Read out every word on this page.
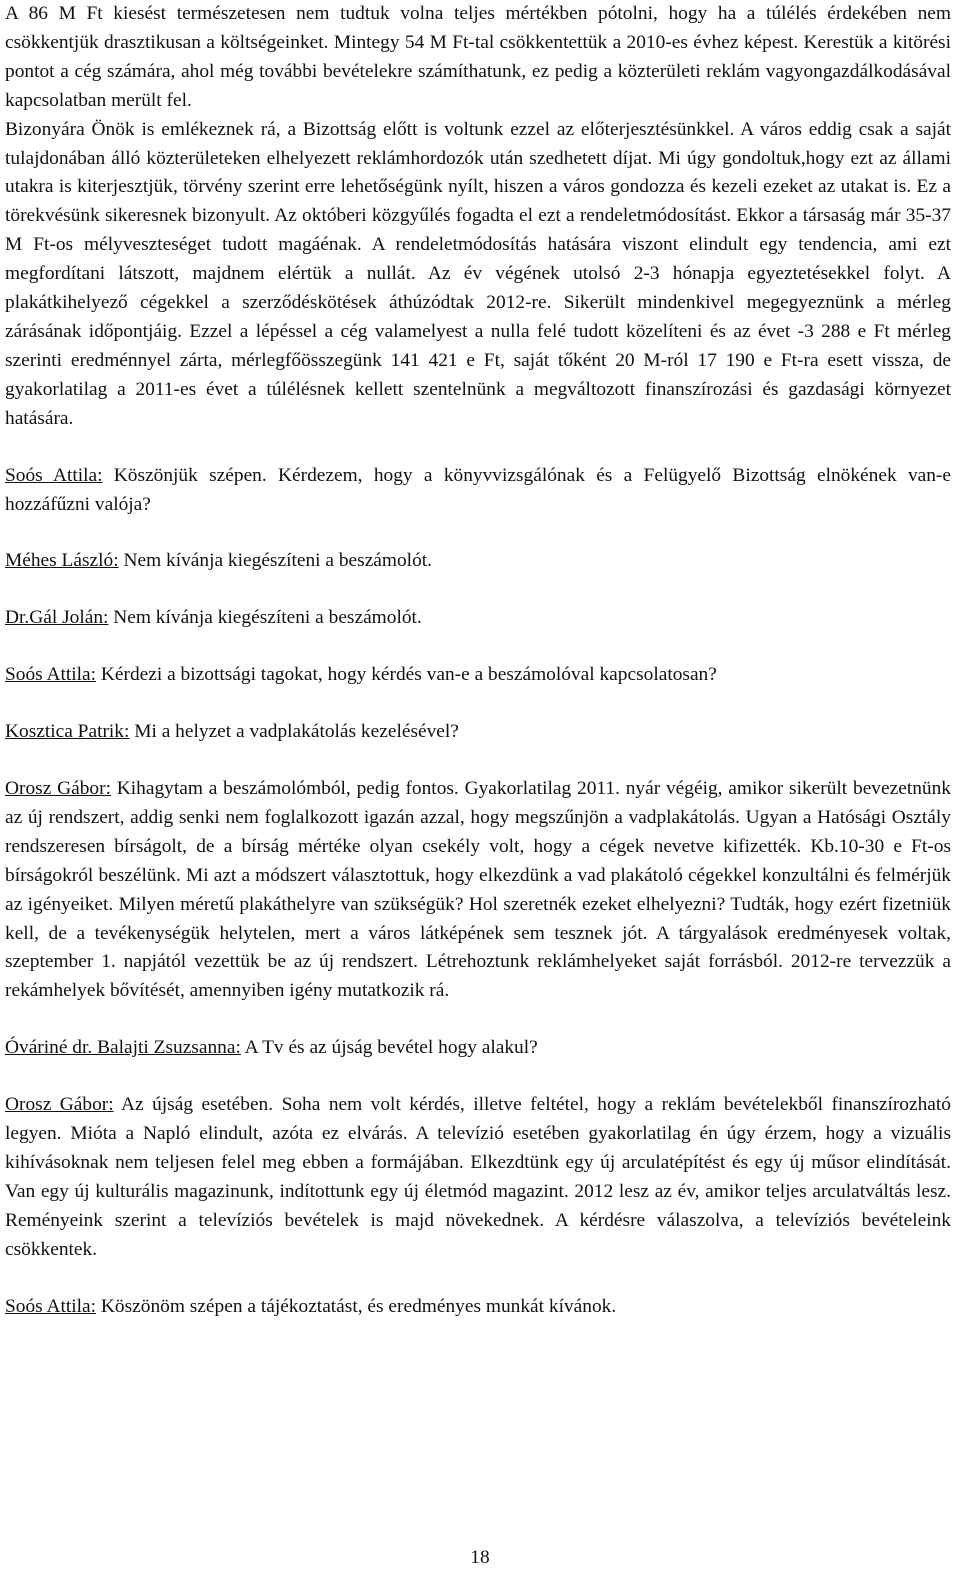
A 86 M Ft kiesést természetesen nem tudtuk volna teljes mértékben pótolni, hogy ha a túlélés érdekében nem csökkentjük drasztikusan a költségeinket. Mintegy 54 M Ft-tal csökkentettük a 2010-es évhez képest. Kerestük a kitörési pontot a cég számára, ahol még további bevételekre számíthatunk, ez pedig a közterületi reklám vagyongazdálkodásával kapcsolatban merült fel.

Bizonyára Önök is emlékeznek rá, a Bizottság előtt is voltunk ezzel az előterjesztésünkkel. A város eddig csak a saját tulajdonában álló közterületeken elhelyezett reklámhordozók után szedhetett díjat. Mi úgy gondoltuk,hogy ezt az állami utakra is kiterjesztjük, törvény szerint erre lehetőségünk nyílt, hiszen a város gondozza és kezeli ezeket az utakat is. Ez a törekvésünk sikeresnek bizonyult. Az októberi közgyűlés fogadta el ezt a rendeletmódosítást. Ekkor a társaság már 35-37 M Ft-os mélyveszteséget tudott magáénak. A rendeletmódosítás hatására viszont elindult egy tendencia, ami ezt megfordítani látszott, majdnem elértük a nullát. Az év végének utolsó 2-3 hónapja egyeztetésekkel folyt. A plakátkihelyező cégekkel a szerződéskötések áthúzódtak 2012-re. Sikerült mindenkivel megegyeznünk a mérleg zárásának időpontjáig. Ezzel a lépéssel a cég valamelyest a nulla felé tudott közelíteni és az évet -3 288 e Ft mérleg szerinti eredménnyel zárta, mérlegfőösszegünk 141 421 e Ft, saját tőként 20 M-ról 17 190 e Ft-ra esett vissza, de gyakorlatilag a 2011-es évet a túlélésnek kellett szentelnünk a megváltozott finanszírozási és gazdasági környezet hatására.

Soós Attila: Köszönjük szépen. Kérdezem, hogy a könyvvizsgálónak és a Felügyelő Bizottság elnökének van-e hozzáfűzni valója?

Méhes László: Nem kívánja kiegészíteni a beszámolót.

Dr.Gál Jolán: Nem kívánja kiegészíteni a beszámolót.

Soós Attila: Kérdezi a bizottsági tagokat, hogy kérdés van-e a beszámolóval kapcsolatosan?

Kosztica Patrik: Mi a helyzet a vadplakátolás kezelésével?

Orosz Gábor: Kihagytam a beszámolómból, pedig fontos. Gyakorlatilag 2011. nyár végéig, amikor sikerült bevezetnünk az új rendszert, addig senki nem foglalkozott igazán azzal, hogy megszűnjön a vadplakátolás. Ugyan a Hatósági Osztály rendszeresen bírságolt, de a bírság mértéke olyan csekély volt, hogy a cégek nevetve kifizették. Kb.10-30 e Ft-os bírságokról beszélünk. Mi azt a módszert választottuk, hogy elkezdünk a vad plakátoló cégekkel konzultálni és felmérjük az igényeiket. Milyen méretű plakáthelyre van szükségük? Hol szeretnék ezeket elhelyezni? Tudták, hogy ezért fizetniük kell, de a tevékenységük helytelen, mert a város látképének sem tesznek jót. A tárgyalások eredményesek voltak, szeptember 1. napjától vezettük be az új rendszert. Létrehoztunk reklámhelyeket saját forrásból. 2012-re tervezzük a rekámhelyek bővítését, amennyiben igény mutatkozik rá.

Óváriné dr. Balajti Zsuzsanna: A Tv és az újság bevétel hogy alakul?

Orosz Gábor: Az újság esetében. Soha nem volt kérdés, illetve feltétel, hogy a reklám bevételekből finanszírozható legyen. Mióta a Napló elindult, azóta ez elvárás. A televízió esetében gyakorlatilag én úgy érzem, hogy a vizuális kihívásoknak nem teljesen felel meg ebben a formájában. Elkezdtünk egy új arculatépítést és egy új műsor elindítását. Van egy új kulturális magazinunk, indítottunk egy új életmód magazint. 2012 lesz az év, amikor teljes arculatváltás lesz. Reményeink szerint a televíziós bevételek is majd növekednek. A kérdésre válaszolva, a televíziós bevételeink csökkentek.

Soós Attila: Köszönöm szépen a tájékoztatást, és eredményes munkát kívánok.

18
